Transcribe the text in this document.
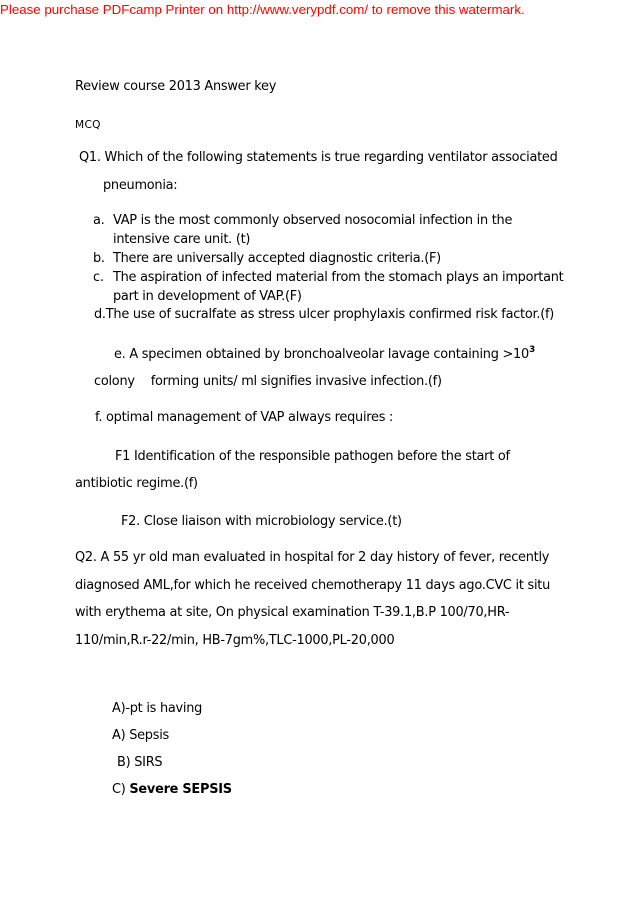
Please purchase PDFcamp Printer on http://www.verypdf.com/ to remove this watermark.
Review course 2013 Answer key
MCQ
Q1. Which of the following statements is true regarding ventilator associated
pneumonia:
a. VAP is the most commonly observed nosocomial infection in the
intensive care unit. (t)
b. There are universally accepted diagnostic criteria.(F)
c. The aspiration of infected material from the stomach plays an important
part in development of VAP.(F)
d.The use of sucralfate as stress ulcer prophylaxis confirmed risk factor.(f)
e. A specimen obtained by bronchoalveolar lavage containing $>10^3$
colony forming units/ ml signifies invasive infection.(f)
f. optimal management of VAP always requires :
F1 Identification of the responsible pathogen before the start of
antibiotic regime.(f)
F2. Close liaison with microbiology service.(t)
Q2. A 55 yr old man evaluated in hospital for 2 day history of fever, recently
diagnosed AML,for which he received chemotherapy 11 days ago.CVC it situ
with erythema at site, On physical examination T-39.1,B.P 100/70,HR-
110/min,R.r-22/min, HB-7gm%,TLC-1000,PL-20,000
A)-pt is having
A) Sepsis
B) SIRS
C) Severe SEPSIS
